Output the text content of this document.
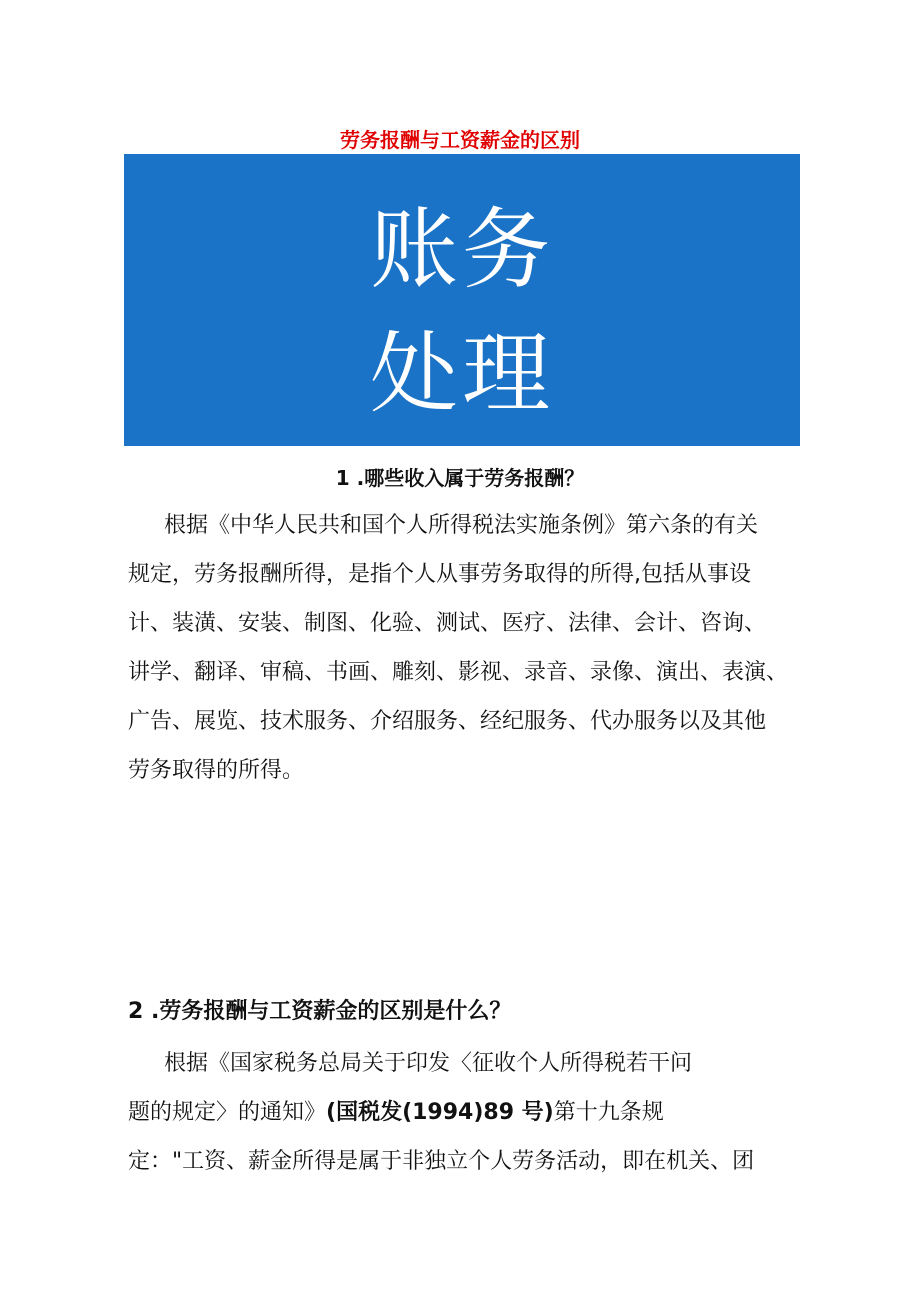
劳务报酬与工资薪金的区别
账务
处理
1 .哪些收入属于劳务报酬？
根据《中华人民共和国个人所得税法实施条例》第六条的有关
规定，劳务报酬所得，是指个人从事劳务取得的所得,包括从事设
计、装潢、安装、制图、化验、测试、医疗、法律、会计、咨询、
讲学、翻译、审稿、书画、雕刻、影视、录音、录像、演出、表演、
广告、展览、技术服务、介绍服务、经纪服务、代办服务以及其他
劳务取得的所得。
2 .劳务报酬与工资薪金的区别是什么？
根据《国家税务总局关于印发〈征收个人所得税若干问
题的规定〉的通知》(国税发(1994)89 号)第十九条规
定："工资、薪金所得是属于非独立个人劳务活动，即在机关、团
